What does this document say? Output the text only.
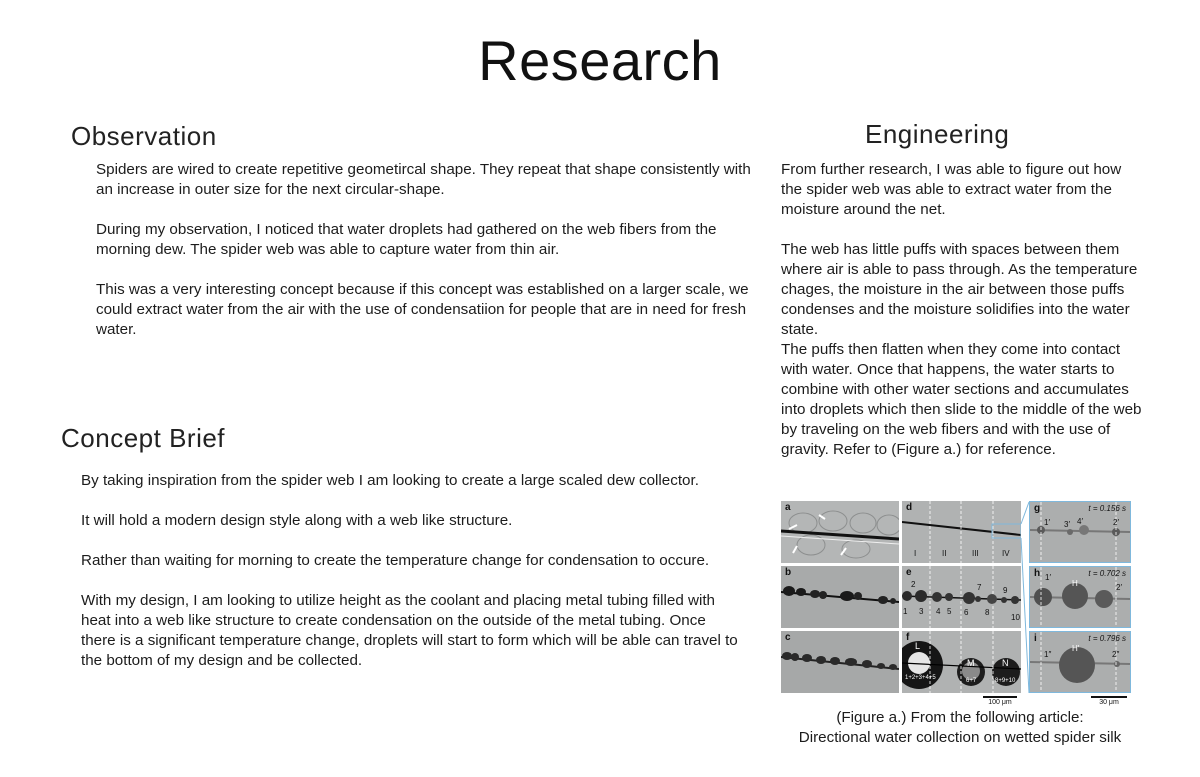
Research
Observation

Spiders are wired to create repetitive geometircal shape. They repeat that shape consistently with an increase in outer size for the next circular-shape.

During my observation, I noticed that water droplets had gathered on the web fibers from the morning dew. The spider web was able to capture water from thin air.

This was a very interesting concept because if this concept was established on a larger scale, we could extract water from the air with the use of condensatiion for people that are in need for fresh water.

Concept Brief

By taking inspiration from the spider web I am looking to create a large scaled dew collector.

It will hold a modern design style along with a web like structure.

Rather than waiting for morning to create the temperature change for condensation to occure.

With my design, I am looking to utilize height as the coolant and placing metal tubing filled with heat into a web like structure to create condensation on the outside of the metal tubing. Once there is a significant temperature change, droplets will start to form which will be able can travel to the bottom of my design and be collected.

Engineering

From further research, I was able to figure out how the spider web was able to extract water from the moisture around the net.

The web has little puffs with spaces between them where air is able to pass through. As the temperature chages, the moisture in the air between those puffs condenses and the moisture solidifies into the water state.

The puffs then flatten when they come into contact with water. Once that happens, the water starts to combine with other water sections and accumulates into droplets which then slide to the middle of the web by traveling on the web fibers and with the use of gravity. Refer to (Figure a.) for reference.

a
b
c
d
I	II	III	IV
e
1
2
3 4 5 6
7
8
9
10
f
L
1+2+3+4+5
M
6+7
N
8+9+10
g	t = 0.156 s
1′ 3′ 4′	2′
h	t = 0.702 s
1′
H	2′
i	t = 0.796 s
1″
H′
2″
100 μm	30 μm
(Figure a.) From the following article:
Directional water collection on wetted spider silk
